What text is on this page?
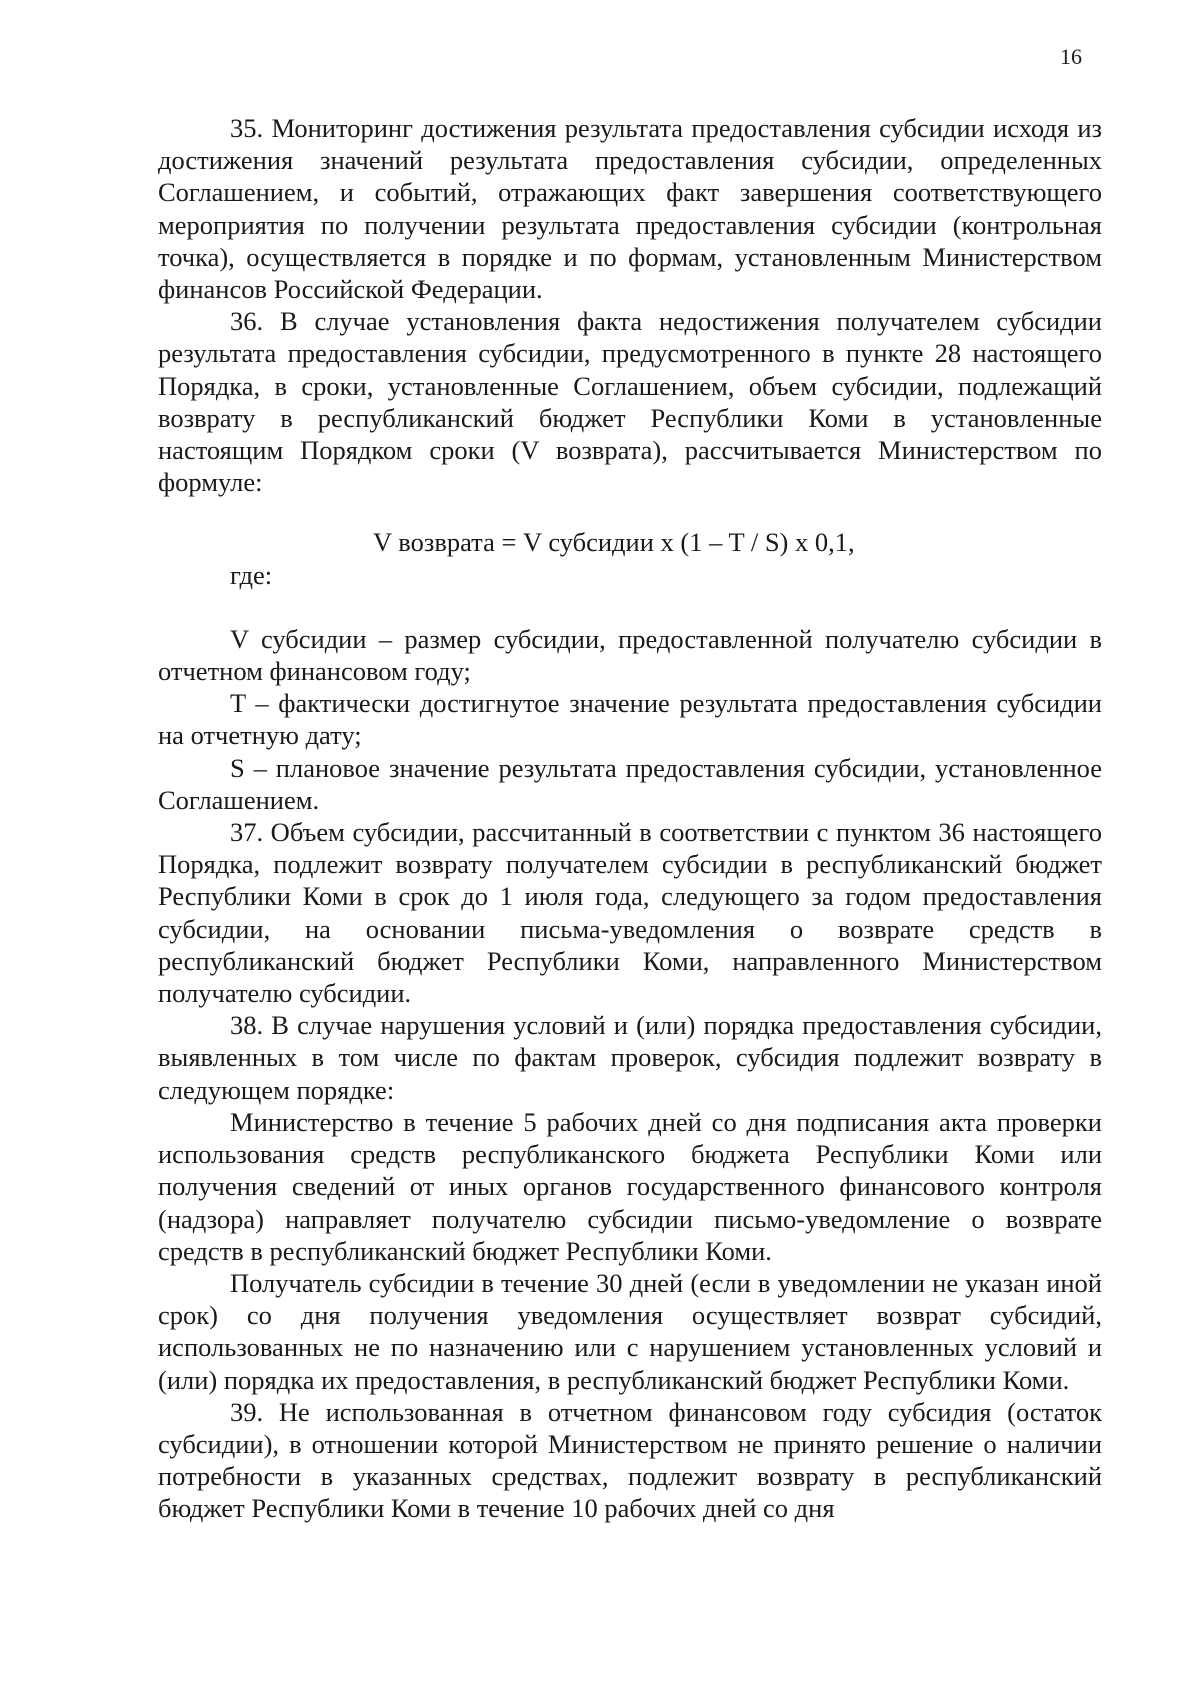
16

35. Мониторинг достижения результата предоставления субсидии исходя из достижения значений результата предоставления субсидии, определенных Соглашением, и событий, отражающих факт завершения соответствующего мероприятия по получении результата предоставления субсидии (контрольная точка), осуществляется в порядке и по формам, установленным Министерством финансов Российской Федерации.

36. В случае установления факта недостижения получателем субсидии результата предоставления субсидии, предусмотренного в пункте 28 настоящего Порядка, в сроки, установленные Соглашением, объем субсидии, подлежащий возврату в республиканский бюджет Республики Коми в установленные настоящим Порядком сроки (V возврата), рассчитывается Министерством по формуле:

V возврата = V субсидии x (1 – T / S) x 0,1,

где:

V субсидии – размер субсидии, предоставленной получателю субсидии в отчетном финансовом году;

T – фактически достигнутое значение результата предоставления субсидии на отчетную дату;

S – плановое значение результата предоставления субсидии, установленное Соглашением.

37. Объем субсидии, рассчитанный в соответствии с пунктом 36 настоящего Порядка, подлежит возврату получателем субсидии в республиканский бюджет Республики Коми в срок до 1 июля года, следующего за годом предоставления субсидии, на основании письма-уведомления о возврате средств в республиканский бюджет Республики Коми, направленного Министерством получателю субсидии.

38. В случае нарушения условий и (или) порядка предоставления субсидии, выявленных в том числе по фактам проверок, субсидия подлежит возврату в следующем порядке:

Министерство в течение 5 рабочих дней со дня подписания акта проверки использования средств республиканского бюджета Республики Коми или получения сведений от иных органов государственного финансового контроля (надзора) направляет получателю субсидии письмо-уведомление о возврате средств в республиканский бюджет Республики Коми.

Получатель субсидии в течение 30 дней (если в уведомлении не указан иной срок) со дня получения уведомления осуществляет возврат субсидий, использованных не по назначению или с нарушением установленных условий и (или) порядка их предоставления, в республиканский бюджет Республики Коми.

39. Не использованная в отчетном финансовом году субсидия (остаток субсидии), в отношении которой Министерством не принято решение о наличии потребности в указанных средствах, подлежит возврату в республиканский бюджет Республики Коми в течение 10 рабочих дней со дня
